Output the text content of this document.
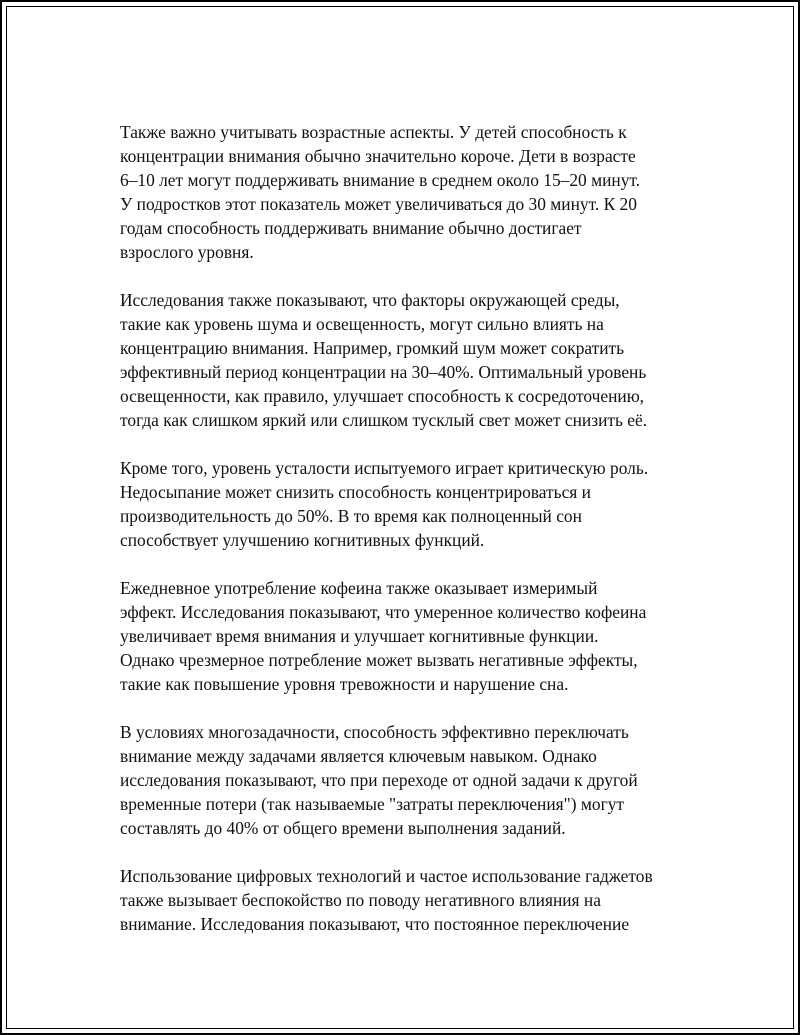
Также важно учитывать возрастные аспекты. У детей способность к
концентрации внимания обычно значительно короче. Дети в возрасте
6–10 лет могут поддерживать внимание в среднем около 15–20 минут.
У подростков этот показатель может увеличиваться до 30 минут. К 20
годам способность поддерживать внимание обычно достигает
взрослого уровня.

Исследования также показывают, что факторы окружающей среды,
такие как уровень шума и освещенность, могут сильно влиять на
концентрацию внимания. Например, громкий шум может сократить
эффективный период концентрации на 30–40%. Оптимальный уровень
освещенности, как правило, улучшает способность к сосредоточению,
тогда как слишком яркий или слишком тусклый свет может снизить её.

Кроме того, уровень усталости испытуемого играет критическую роль.
Недосыпание может снизить способность концентрироваться и
производительность до 50%. В то время как полноценный сон
способствует улучшению когнитивных функций.

Ежедневное употребление кофеина также оказывает измеримый
эффект. Исследования показывают, что умеренное количество кофеина
увеличивает время внимания и улучшает когнитивные функции.
Однако чрезмерное потребление может вызвать негативные эффекты,
такие как повышение уровня тревожности и нарушение сна.

В условиях многозадачности, способность эффективно переключать
внимание между задачами является ключевым навыком. Однако
исследования показывают, что при переходе от одной задачи к другой
временные потери (так называемые "затраты переключения") могут
составлять до 40% от общего времени выполнения заданий.

Использование цифровых технологий и частое использование гаджетов
также вызывает беспокойство по поводу негативного влияния на
внимание. Исследования показывают, что постоянное переключение
